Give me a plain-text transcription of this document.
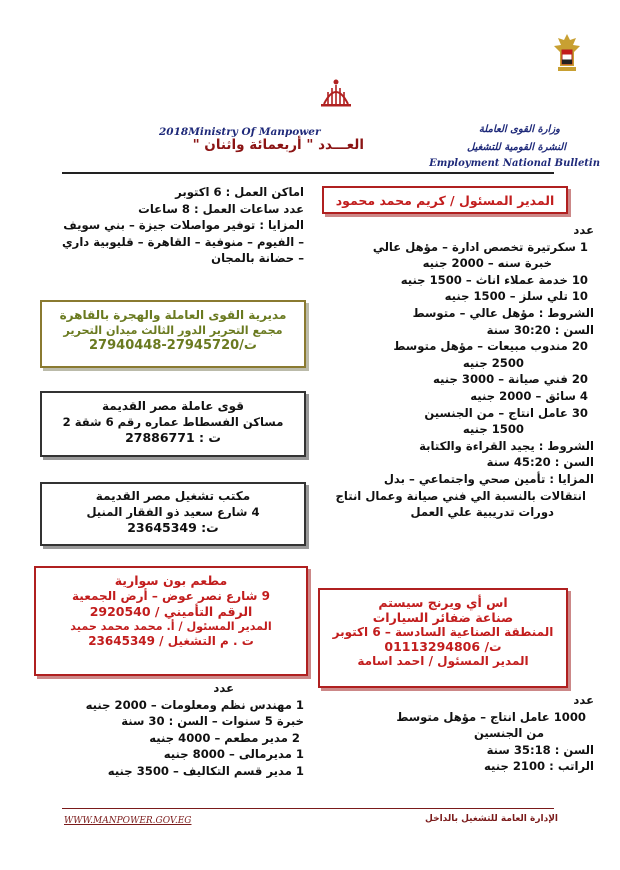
وزارة القوى العاملة
النشرة القومية للتشغيل
Employment National Bulletin
2018Ministry Of Manpower
العـــدد " أربعمائة واثنان "
المدير المسئول / كريم محمد محمود
عدد
1 سكرتيرة تخصص ادارة – مؤهل عالي
خبرة سنه – 2000 جنيه
10 خدمة عملاء اناث – 1500 جنيه
10 تلي سلز – 1500 جنيه
الشروط : مؤهل عالي – متوسط
السن : 30:20 سنة
20 مندوب مبيعات – مؤهل متوسط
2500 جنيه
20 فني صيانة – 3000 جنيه
4 سائق – 2000 جنيه
30 عامل انتاج – من الجنسين
1500 جنيه
الشروط : يجيد القراءة والكتابة
السن : 45:20 سنة
المزايا : تأمين صحي واجتماعي – بدل
انتقالات بالنسبة الي فني صيانة وعمال انتاج
دورات تدريبية علي العمل
اس أي ويرنج سيستم
صناعة ضفائر السيارات
المنطقة الصناعية السادسة – 6 اكتوبر
ت/ 01113294806
المدير المسئول / احمد اسامة
عدد
1000 عامل انتاج – مؤهل متوسط
من الجنسين
السن : 35:18 سنة
الراتب : 2100 جنيه
اماكن العمل : 6 اكتوبر
عدد ساعات العمل : 8 ساعات
المزايا : توفير مواصلات جيزة – بني سويف
– الفيوم – منوفية – القاهرة – قليوبية داري
– حضانة بالمجان
مديرية القوى العاملة والهجرة بالقاهرة
مجمع التحرير الدور الثالث ميدان التحرير
ت/27945720-27940448
قوى عاملة مصر القديمة
مساكن الفسطاط عماره رقم 6 شقة 2
ت : 27886771
مكتب تشغيل مصر القديمة
4 شارع سعيد ذو الفقار المنيل
ت: 23645349
مطعم بون سوارية
9 شارع نصر عوض – أرض الجمعية
الرقم التأميني / 2920540
المدير المسئول / أ. محمد محمد حميد
ت . م التشغيل / 23645349
عدد
1 مهندس نظم ومعلومات – 2000 جنيه
خبرة 5 سنوات – السن : 30 سنة
2 مدير مطعم – 4000 جنيه
1 مديرمالى – 8000 جنيه
1 مدير قسم التكاليف – 3500 جنيه
WWW.MANPOWER.GOV.EG	الإدارة العامة للتشغيل بالداخل
